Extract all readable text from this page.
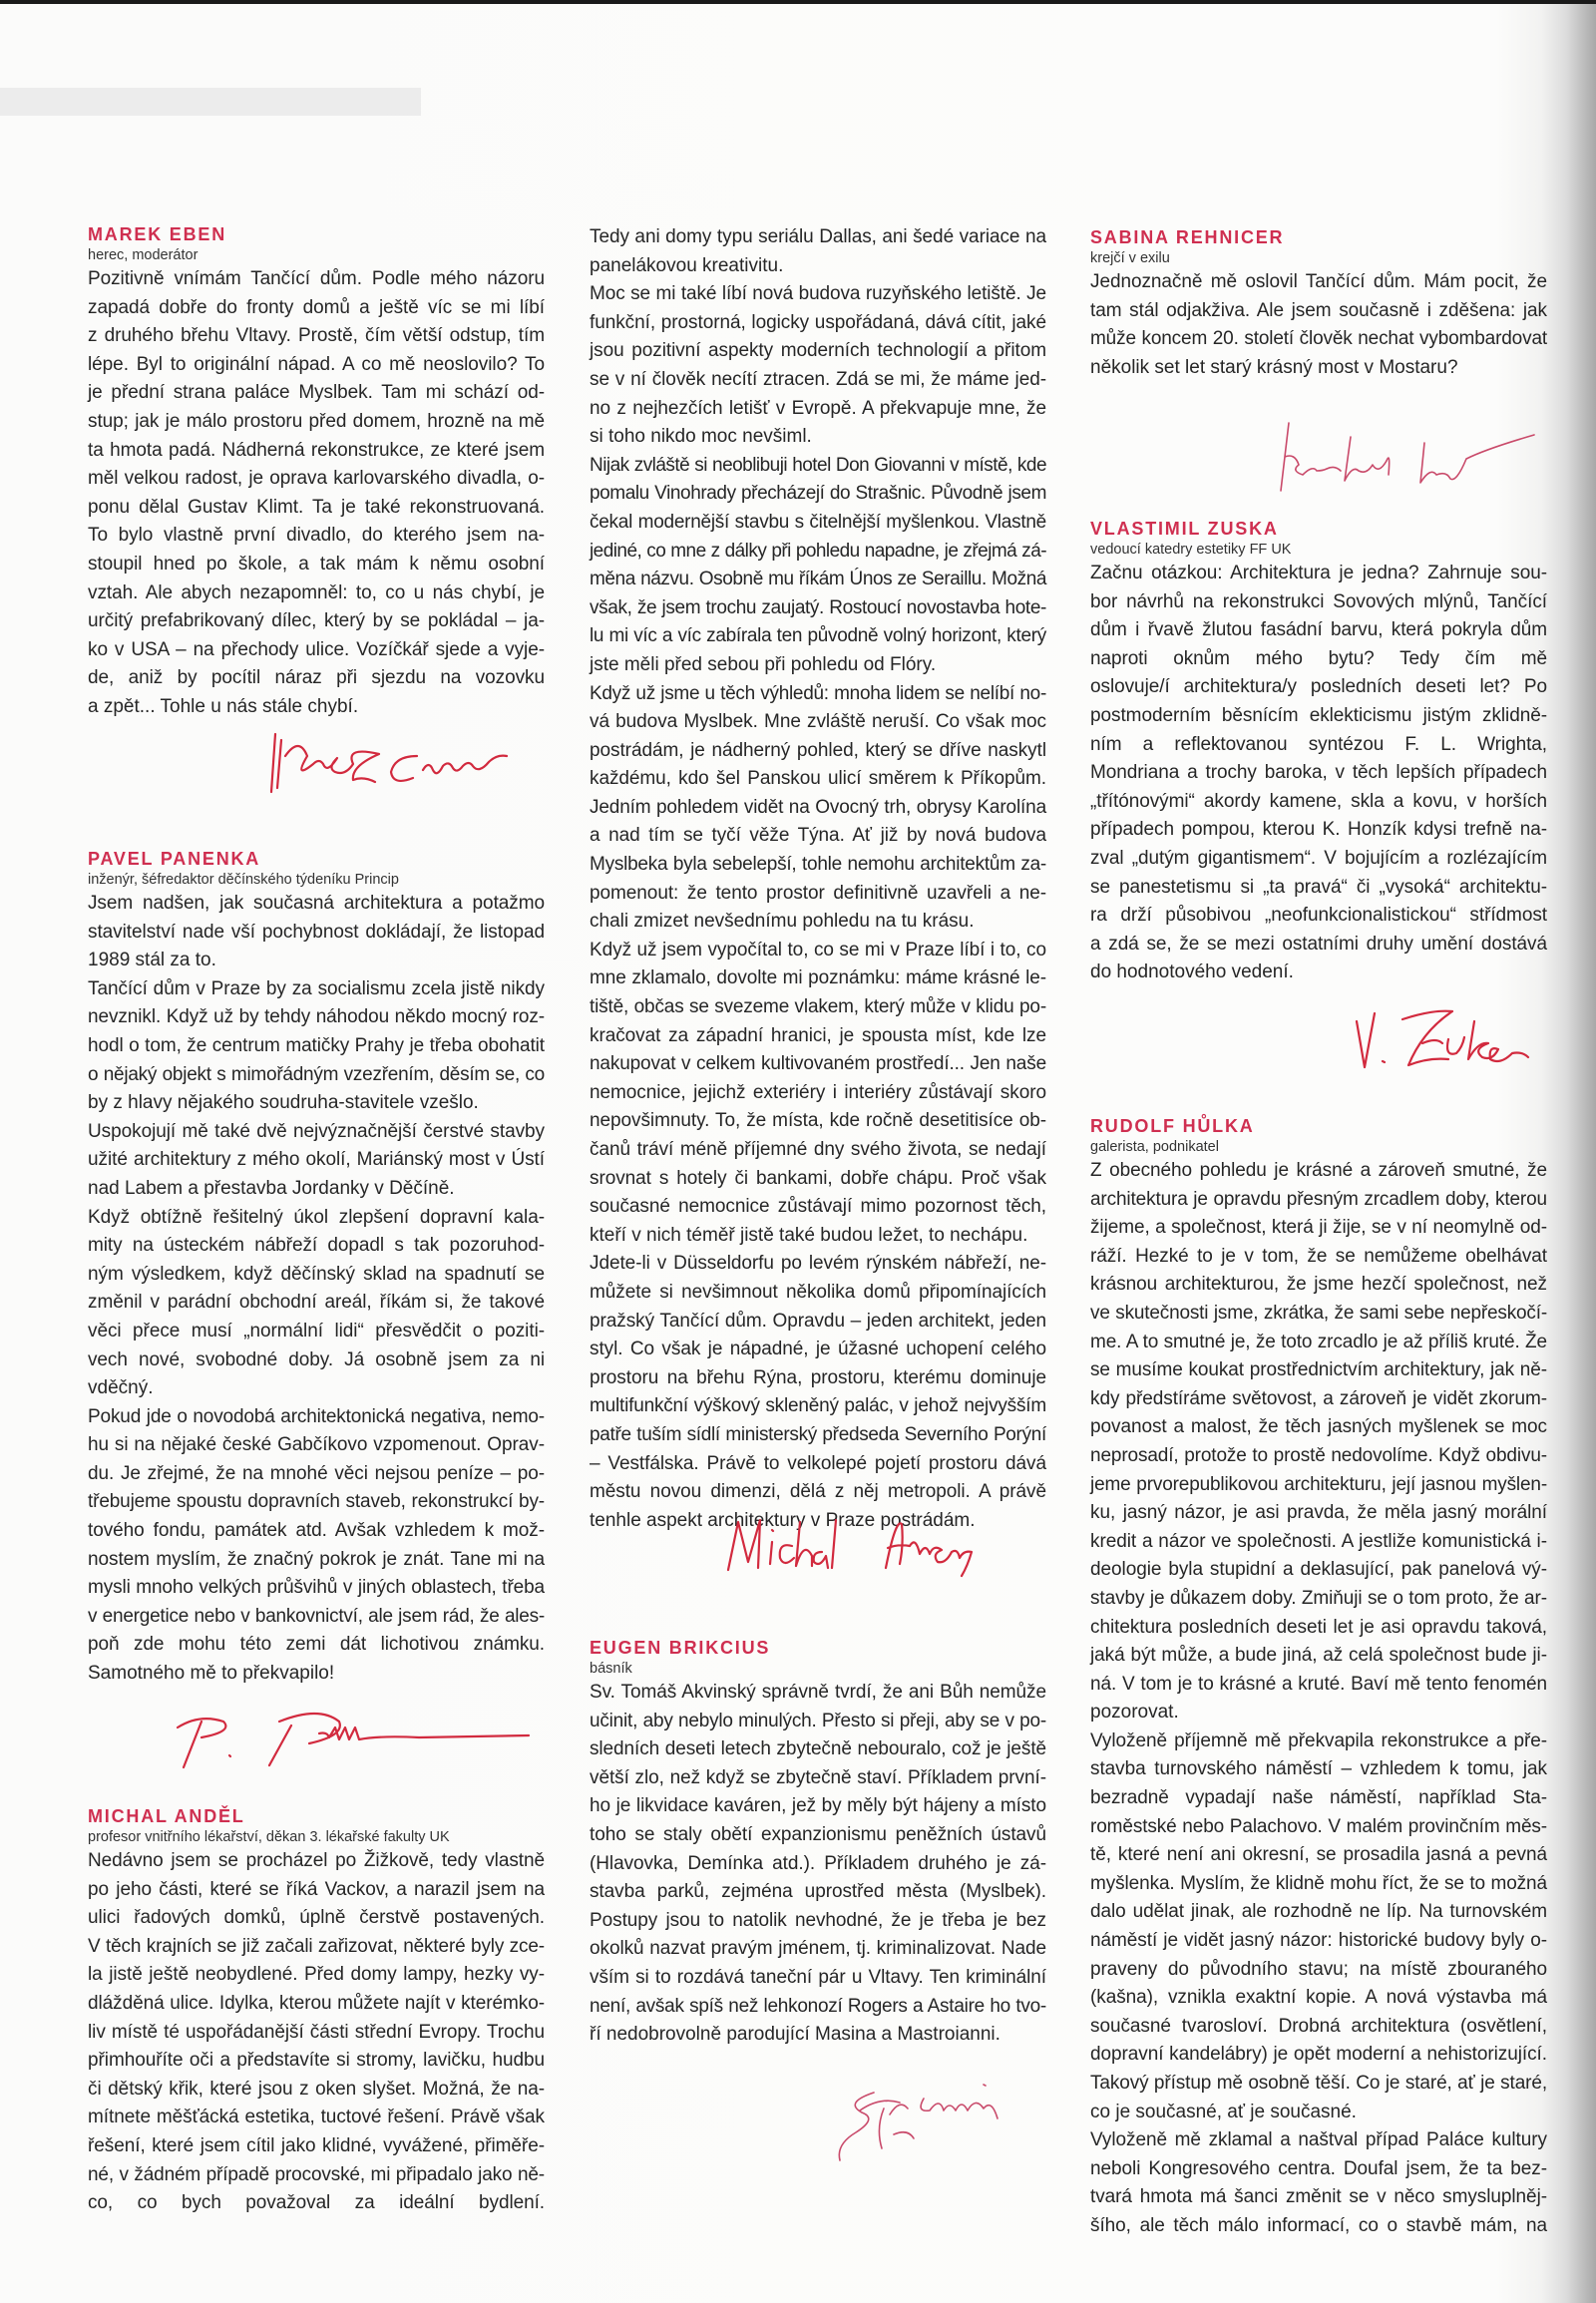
MAREK EBEN
herec, moderátor
Pozitivně vnímám Tančící dům. Podle mého názoru
zapadá dobře do fronty domů a ještě víc se mi líbí
z druhého břehu Vltavy. Prostě, čím větší odstup, tím
lépe. Byl to originální nápad. A co mě neoslovilo? To
je přední strana paláce Myslbek. Tam mi schází od-
stup; jak je málo prostoru před domem, hrozně na mě
ta hmota padá. Nádherná rekonstrukce, ze které jsem
měl velkou radost, je oprava karlovarského divadla, o-
ponu dělal Gustav Klimt. Ta je také rekonstruovaná.
To bylo vlastně první divadlo, do kterého jsem na-
stoupil hned po škole, a tak mám k němu osobní
vztah. Ale abych nezapomněl: to, co u nás chybí, je
určitý prefabrikovaný dílec, který by se pokládal – ja-
ko v USA – na přechody ulice. Vozíčkář sjede a vyje-
de, aniž by pocítil náraz při sjezdu na vozovku
a zpět... Tohle u nás stále chybí.
PAVEL PANENKA
inženýr, šéfredaktor děčínského týdeníku Princip
Jsem nadšen, jak současná architektura a potažmo
stavitelství nade vší pochybnost dokládají, že listopad
1989 stál za to.
Tančící dům v Praze by za socialismu zcela jistě nikdy
nevznikl. Když už by tehdy náhodou někdo mocný roz-
hodl o tom, že centrum matičky Prahy je třeba obohatit
o nějaký objekt s mimořádným vzezřením, děsím se, co
by z hlavy nějakého soudruha-stavitele vzešlo.
Uspokojují mě také dvě nejvýznačnější čerstvé stavby
užité architektury z mého okolí, Mariánský most v Ústí
nad Labem a přestavba Jordanky v Děčíně.
Když obtížně řešitelný úkol zlepšení dopravní kala-
mity na ústeckém nábřeží dopadl s tak pozoruhod-
ným výsledkem, když děčínský sklad na spadnutí se
změnil v parádní obchodní areál, říkám si, že takové
věci přece musí „normální lidi“ přesvědčit o poziti-
vech nové, svobodné doby. Já osobně jsem za ni
vděčný.
Pokud jde o novodobá architektonická negativa, nemo-
hu si na nějaké české Gabčíkovo vzpomenout. Oprav-
du. Je zřejmé, že na mnohé věci nejsou peníze – po-
třebujeme spoustu dopravních staveb, rekonstrukcí by-
tového fondu, památek atd. Avšak vzhledem k mož-
nostem myslím, že značný pokrok je znát. Tane mi na
mysli mnoho velkých průšvihů v jiných oblastech, třeba
v energetice nebo v bankovnictví, ale jsem rád, že ales-
poň zde mohu této zemi dát lichotivou známku.
Samotného mě to překvapilo!
MICHAL ANDĚL
profesor vnitřního lékařství, děkan 3. lékařské fakulty UK
Nedávno jsem se procházel po Žižkově, tedy vlastně
po jeho části, které se říká Vackov, a narazil jsem na
ulici řadových domků, úplně čerstvě postavených.
V těch krajních se již začali zařizovat, některé byly zce-
la jistě ještě neobydlené. Před domy lampy, hezky vy-
dlážděná ulice. Idylka, kterou můžete najít v kterémko-
liv místě té uspořádanější části střední Evropy. Trochu
přimhouříte oči a představíte si stromy, lavičku, hudbu
či dětský křik, které jsou z oken slyšet. Možná, že na-
mítnete měšťácká estetika, tuctové řešení. Právě však
řešení, které jsem cítil jako klidné, vyvážené, přiměře-
né, v žádném případě procovské, mi připadalo jako ně-
co, co bych považoval za ideální bydlení.
Tedy ani domy typu seriálu Dallas, ani šedé variace na
panelákovou kreativitu.
Moc se mi také líbí nová budova ruzyňského letiště. Je
funkční, prostorná, logicky uspořádaná, dává cítit, jaké
jsou pozitivní aspekty moderních technologií a přitom
se v ní člověk necítí ztracen. Zdá se mi, že máme jed-
no z nejhezčích letišť v Evropě. A překvapuje mne, že
si toho nikdo moc nevšiml.
Nijak zvláště si neoblibuji hotel Don Giovanni v místě, kde
pomalu Vinohrady přecházejí do Strašnic. Původně jsem
čekal modernější stavbu s čitelnější myšlenkou. Vlastně
jediné, co mne z dálky při pohledu napadne, je zřejmá zá-
měna názvu. Osobně mu říkám Únos ze Seraillu. Možná
však, že jsem trochu zaujatý. Rostoucí novostavba hote-
lu mi víc a víc zabírala ten původně volný horizont, který
jste měli před sebou při pohledu od Flóry.
Když už jsme u těch výhledů: mnoha lidem se nelíbí no-
vá budova Myslbek. Mne zvláště neruší. Co však moc
postrádám, je nádherný pohled, který se dříve naskytl
každému, kdo šel Panskou ulicí směrem k Příkopům.
Jedním pohledem vidět na Ovocný trh, obrysy Karolína
a nad tím se tyčí věže Týna. Ať již by nová budova
Myslbeka byla sebelepší, tohle nemohu architektům za-
pomenout: že tento prostor definitivně uzavřeli a ne-
chali zmizet nevšednímu pohledu na tu krásu.
Když už jsem vypočítal to, co se mi v Praze líbí i to, co
mne zklamalo, dovolte mi poznámku: máme krásné le-
tiště, občas se svezeme vlakem, který může v klidu po-
kračovat za západní hranici, je spousta míst, kde lze
nakupovat v celkem kultivovaném prostředí... Jen naše
nemocnice, jejichž exteriéry i interiéry zůstávají skoro
nepovšimnuty. To, že místa, kde ročně desetitisíce ob-
čanů tráví méně příjemné dny svého života, se nedají
srovnat s hotely či bankami, dobře chápu. Proč však
současné nemocnice zůstávají mimo pozornost těch,
kteří v nich téměř jistě také budou ležet, to nechápu.
Jdete-li v Düsseldorfu po levém rýnském nábřeží, ne-
můžete si nevšimnout několika domů připomínajících
pražský Tančící dům. Opravdu – jeden architekt, jeden
styl. Co však je nápadné, je úžasné uchopení celého
prostoru na břehu Rýna, prostoru, kterému dominuje
multifunkční výškový skleněný palác, v jehož nejvyšším
patře tuším sídlí ministerský předseda Severního Porýní
– Vestfálska. Právě to velkolepé pojetí prostoru dává
městu novou dimenzi, dělá z něj metropoli. A právě
tenhle aspekt architektury v Praze postrádám.
EUGEN BRIKCIUS
básník
Sv. Tomáš Akvinský správně tvrdí, že ani Bůh nemůže
učinit, aby nebylo minulých. Přesto si přeji, aby se v po-
sledních deseti letech zbytečně nebouralo, což je ještě
větší zlo, než když se zbytečně staví. Příkladem první-
ho je likvidace kaváren, jež by měly být hájeny a místo
toho se staly obětí expanzionismu peněžních ústavů
(Hlavovka, Demínka atd.). Příkladem druhého je zá-
stavba parků, zejména uprostřed města (Myslbek).
Postupy jsou to natolik nevhodné, že je třeba je bez
okolků nazvat pravým jménem, tj. kriminalizovat. Nade
vším si to rozdává taneční pár u Vltavy. Ten kriminální
není, avšak spíš než lehkonozí Rogers a Astaire ho tvo-
ří nedobrovolně parodující Masina a Mastroianni.
SABINA REHNICER
krejčí v exilu
Jednoznačně mě oslovil Tančící dům. Mám pocit, že
tam stál odjakživa. Ale jsem současně i zděšena: jak
může koncem 20. století člověk nechat vybombardovat
několik set let starý krásný most v Mostaru?
VLASTIMIL ZUSKA
vedoucí katedry estetiky FF UK
Začnu otázkou: Architektura je jedna? Zahrnuje sou-
bor návrhů na rekonstrukci Sovových mlýnů, Tančící
dům i řvavě žlutou fasádní barvu, která pokryla dům
naproti oknům mého bytu? Tedy čím mě
oslovuje/í architektura/y posledních deseti let? Po
postmoderním běsnícím eklekticismu jistým zklidně-
ním a reflektovanou syntézou F. L. Wrighta,
Mondriana a trochy baroka, v těch lepších případech
„třítónovými“ akordy kamene, skla a kovu, v horších
případech pompou, kterou K. Honzík kdysi trefně na-
zval „dutým gigantismem“. V bojujícím a rozlézajícím
se panestetismu si „ta pravá“ či „vysoká“ architektu-
ra drží působivou „neofunkcionalistickou“ střídmost
a zdá se, že se mezi ostatními druhy umění dostává
do hodnotového vedení.
RUDOLF HŮLKA
galerista, podnikatel
Z obecného pohledu je krásné a zároveň smutné, že
architektura je opravdu přesným zrcadlem doby, kterou
žijeme, a společnost, která ji žije, se v ní neomylně od-
ráží. Hezké to je v tom, že se nemůžeme obelhávat
krásnou architekturou, že jsme hezčí společnost, než
ve skutečnosti jsme, zkrátka, že sami sebe nepřeskočí-
me. A to smutné je, že toto zrcadlo je až příliš kruté. Že
se musíme koukat prostřednictvím architektury, jak ně-
kdy předstíráme světovost, a zároveň je vidět zkorum-
povanost a malost, že těch jasných myšlenek se moc
neprosadí, protože to prostě nedovolíme. Když obdivu-
jeme prvorepublikovou architekturu, její jasnou myšlen-
ku, jasný názor, je asi pravda, že měla jasný morální
kredit a názor ve společnosti. A jestliže komunistická i-
deologie byla stupidní a deklasující, pak panelová vý-
stavby je důkazem doby. Zmiňuji se o tom proto, že ar-
chitektura posledních deseti let je asi opravdu taková,
jaká být může, a bude jiná, až celá společnost bude ji-
ná. V tom je to krásné a kruté. Baví mě tento fenomén
pozorovat.
Vyloženě příjemně mě překvapila rekonstrukce a pře-
stavba turnovského náměstí – vzhledem k tomu, jak
bezradně vypadají naše náměstí, například Sta-
roměstské nebo Palachovo. V malém provinčním měs-
tě, které není ani okresní, se prosadila jasná a pevná
myšlenka. Myslím, že klidně mohu říct, že se to možná
dalo udělat jinak, ale rozhodně ne líp. Na turnovském
náměstí je vidět jasný názor: historické budovy byly o-
praveny do původního stavu; na místě zbouraného
(kašna), vznikla exaktní kopie. A nová výstavba má
současné tvarosloví. Drobná architektura (osvětlení,
dopravní kandelábry) je opět moderní a nehistorizující.
Takový přístup mě osobně těší. Co je staré, ať je staré,
co je současné, ať je současné.
Vyloženě mě zklamal a naštval případ Paláce kultury
neboli Kongresového centra. Doufal jsem, že ta bez-
tvará hmota má šanci změnit se v něco smysluplněj-
šího, ale těch málo informací, co o stavbě mám, na
